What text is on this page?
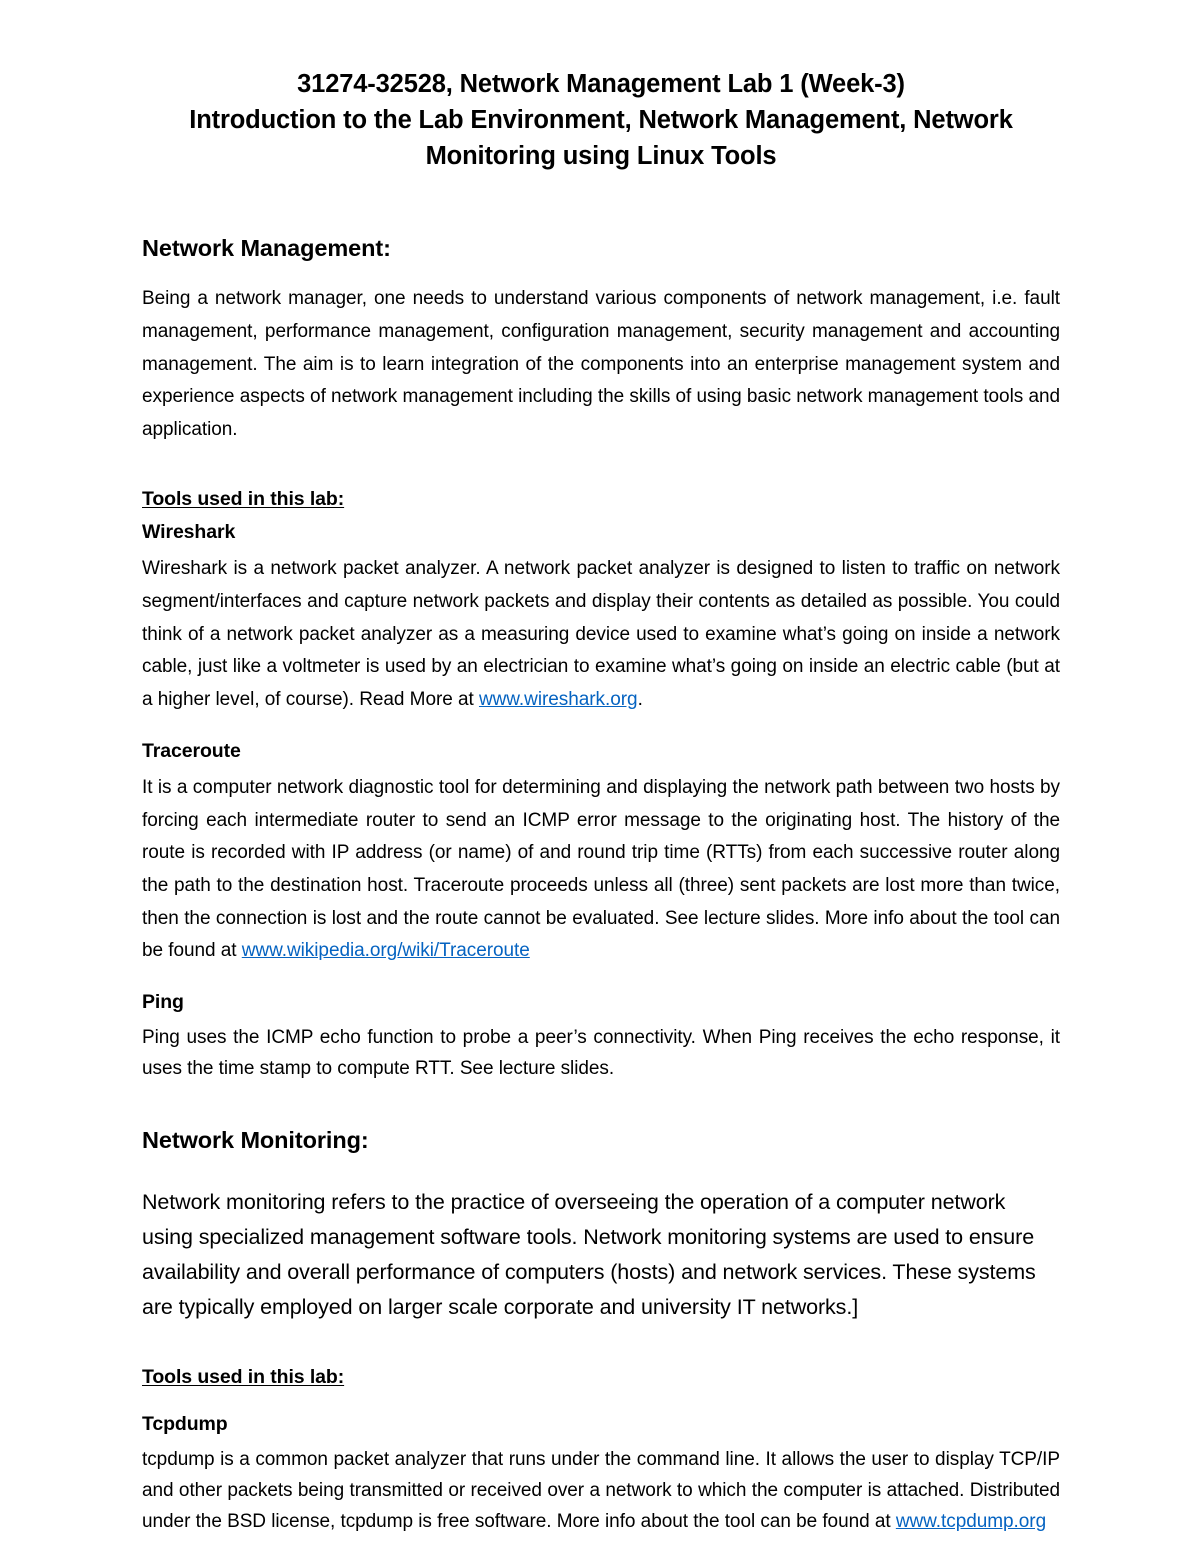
31274-32528, Network Management Lab 1 (Week-3)
Introduction to the Lab Environment, Network Management, Network
Monitoring using Linux Tools
Network Management:

Being a network manager, one needs to understand various components of network management, i.e. fault management, performance management, configuration management, security management and accounting management. The aim is to learn integration of the components into an enterprise management system and experience aspects of network management including the skills of using basic network management tools and application.

Tools used in this lab:
Wireshark

Wireshark is a network packet analyzer. A network packet analyzer is designed to listen to traffic on network segment/interfaces and capture network packets and display their contents as detailed as possible. You could think of a network packet analyzer as a measuring device used to examine what’s going on inside a network cable, just like a voltmeter is used by an electrician to examine what’s going on inside an electric cable (but at a higher level, of course). Read More at www.wireshark.org.

Traceroute

It is a computer network diagnostic tool for determining and displaying the network path between two hosts by forcing each intermediate router to send an ICMP error message to the originating host. The history of the route is recorded with IP address (or name) of and round trip time (RTTs) from each successive router along the path to the destination host. Traceroute proceeds unless all (three) sent packets are lost more than twice, then the connection is lost and the route cannot be evaluated. See lecture slides. More info about the tool can be found at www.wikipedia.org/wiki/Traceroute

Ping

Ping uses the ICMP echo function to probe a peer’s connectivity. When Ping receives the echo response, it uses the time stamp to compute RTT. See lecture slides.

Network Monitoring:

Network monitoring refers to the practice of overseeing the operation of a computer network using specialized management software tools. Network monitoring systems are used to ensure availability and overall performance of computers (hosts) and network services. These systems are typically employed on larger scale corporate and university IT networks.]

Tools used in this lab:
Tcpdump

tcpdump is a common packet analyzer that runs under the command line. It allows the user to display TCP/IP and other packets being transmitted or received over a network to which the computer is attached. Distributed under the BSD license, tcpdump is free software. More info about the tool can be found at www.tcpdump.org
